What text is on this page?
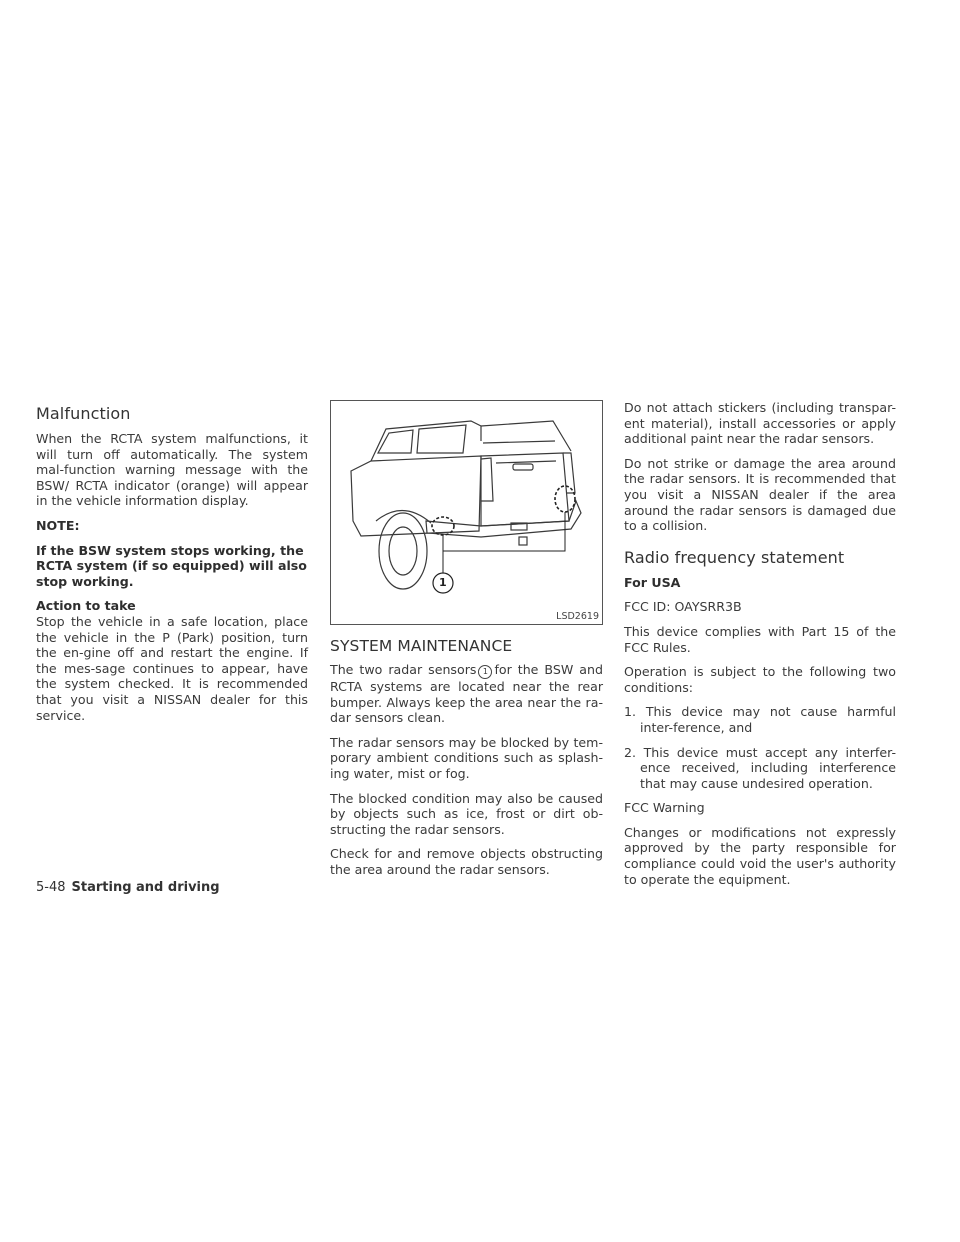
Malfunction

When the RCTA system malfunctions, it will turn off automatically. The system mal-function warning message with the BSW/ RCTA indicator (orange) will appear in the vehicle information display.

NOTE:

If the BSW system stops working, the RCTA system (if so equipped) will also stop working.

Action to take

Stop the vehicle in a safe location, place the vehicle in the P (Park) position, turn the en-gine off and restart the engine. If the mes-sage continues to appear, have the system checked. It is recommended that you visit a NISSAN dealer for this service.

1
LSD2619
SYSTEM MAINTENANCE

The two radar sensors 1 for the BSW and RCTA systems are located near the rear bumper. Always keep the area near the ra-dar sensors clean.

The radar sensors may be blocked by tem-porary ambient conditions such as splash-ing water, mist or fog.

The blocked condition may also be caused by objects such as ice, frost or dirt ob-structing the radar sensors.

Check for and remove objects obstructing the area around the radar sensors.

Do not attach stickers (including transpar-ent material), install accessories or apply additional paint near the radar sensors.

Do not strike or damage the area around the radar sensors. It is recommended that you visit a NISSAN dealer if the area around the radar sensors is damaged due to a collision.

Radio frequency statement

For USA

FCC ID: OAYSRR3B

This device complies with Part 15 of the FCC Rules.

Operation is subject to the following two conditions:

1. This device may not cause harmful inter-ference, and
2. This device must accept any interfer-ence received, including interference that may cause undesired operation.

FCC Warning

Changes or modifications not expressly approved by the party responsible for compliance could void the user's authority to operate the equipment.

5-48 Starting and driving
